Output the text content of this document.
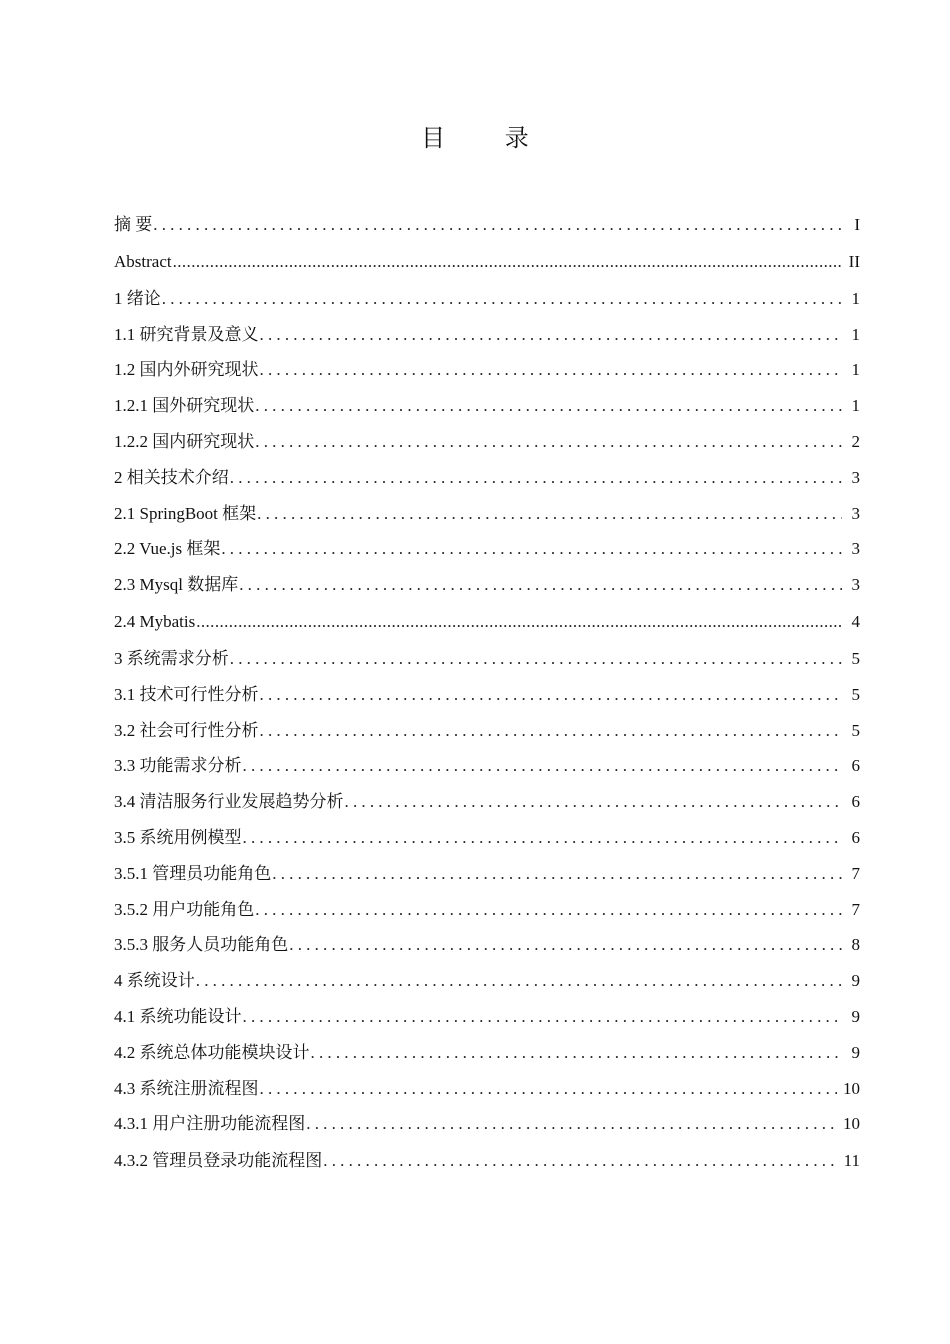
目 录
摘 要 .....	I
Abstract .....	II
1 绪论 .....	1
1.1 研究背景及意义 .....	1
1.2 国内外研究现状 .....	1
1.2.1 国外研究现状 .....	1
1.2.2 国内研究现状 .....	2
2 相关技术介绍 .....	3
2.1 SpringBoot 框架 .....	3
2.2 Vue.js 框架 .....	3
2.3 Mysql 数据库 .....	3
2.4 Mybatis .....	4
3 系统需求分析 .....	5
3.1 技术可行性分析 .....	5
3.2 社会可行性分析 .....	5
3.3 功能需求分析 .....	6
3.4 清洁服务行业发展趋势分析 .....	6
3.5 系统用例模型 .....	6
3.5.1 管理员功能角色 .....	7
3.5.2 用户功能角色 .....	7
3.5.3 服务人员功能角色 .....	8
4 系统设计 .....	9
4.1 系统功能设计 .....	9
4.2 系统总体功能模块设计 .....	9
4.3 系统注册流程图 .....	10
4.3.1 用户注册功能流程图 .....	10
4.3.2 管理员登录功能流程图 .....	11
